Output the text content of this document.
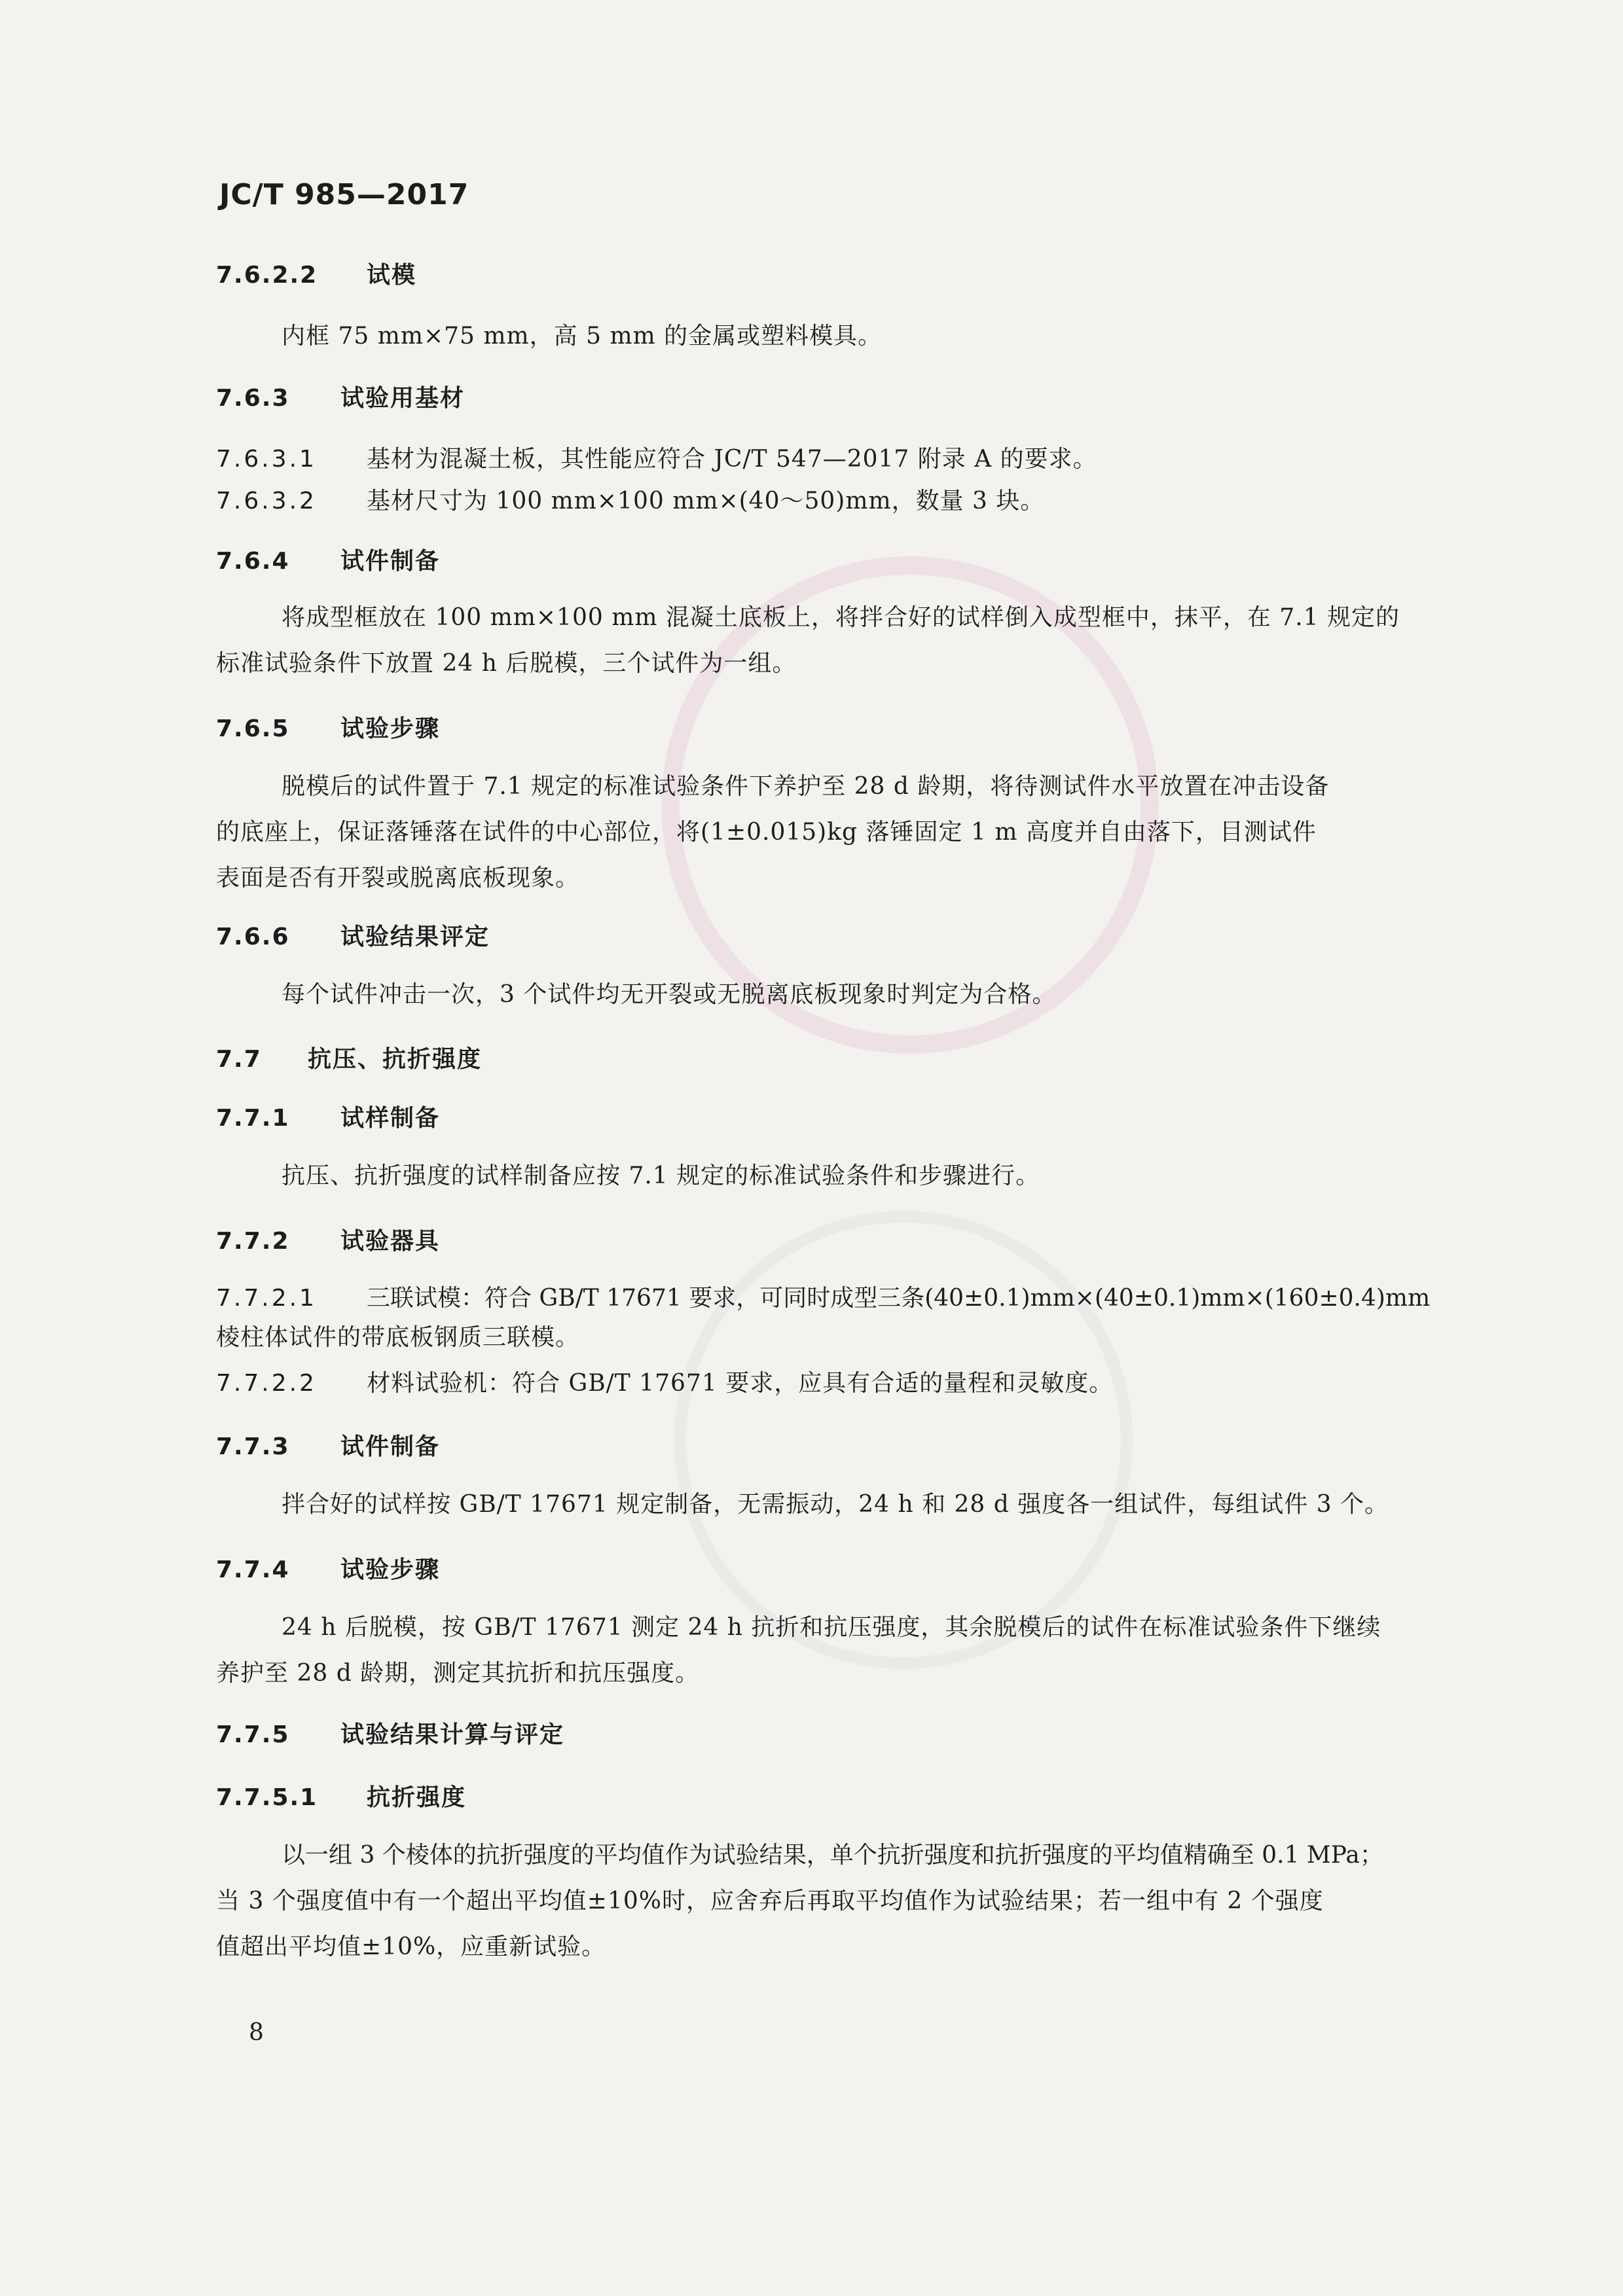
JC/T 985—2017
7.6.2.2 试模
内框 75 mm×75 mm，高 5 mm 的金属或塑料模具。
7.6.3 试验用基材
7.6.3.1 基材为混凝土板，其性能应符合 JC/T 547—2017 附录 A 的要求。
7.6.3.2 基材尺寸为 100 mm×100 mm×(40～50)mm，数量 3 块。
7.6.4 试件制备
将成型框放在 100 mm×100 mm 混凝土底板上，将拌合好的试样倒入成型框中，抹平，在 7.1 规定的
标准试验条件下放置 24 h 后脱模，三个试件为一组。
7.6.5 试验步骤
脱模后的试件置于 7.1 规定的标准试验条件下养护至 28 d 龄期，将待测试件水平放置在冲击设备
的底座上，保证落锤落在试件的中心部位，将(1±0.015)kg 落锤固定 1 m 高度并自由落下，目测试件
表面是否有开裂或脱离底板现象。
7.6.6 试验结果评定
每个试件冲击一次，3 个试件均无开裂或无脱离底板现象时判定为合格。
7.7 抗压、抗折强度
7.7.1 试样制备
抗压、抗折强度的试样制备应按 7.1 规定的标准试验条件和步骤进行。
7.7.2 试验器具
7.7.2.1 三联试模：符合 GB/T 17671 要求，可同时成型三条(40±0.1)mm×(40±0.1)mm×(160±0.4)mm
棱柱体试件的带底板钢质三联模。
7.7.2.2 材料试验机：符合 GB/T 17671 要求，应具有合适的量程和灵敏度。
7.7.3 试件制备
拌合好的试样按 GB/T 17671 规定制备，无需振动，24 h 和 28 d 强度各一组试件，每组试件 3 个。
7.7.4 试验步骤
24 h 后脱模，按 GB/T 17671 测定 24 h 抗折和抗压强度，其余脱模后的试件在标准试验条件下继续
养护至 28 d 龄期，测定其抗折和抗压强度。
7.7.5 试验结果计算与评定
7.7.5.1 抗折强度
以一组 3 个棱体的抗折强度的平均值作为试验结果，单个抗折强度和抗折强度的平均值精确至 0.1 MPa；
当 3 个强度值中有一个超出平均值±10%时，应舍弃后再取平均值作为试验结果；若一组中有 2 个强度
值超出平均值±10%，应重新试验。
8
